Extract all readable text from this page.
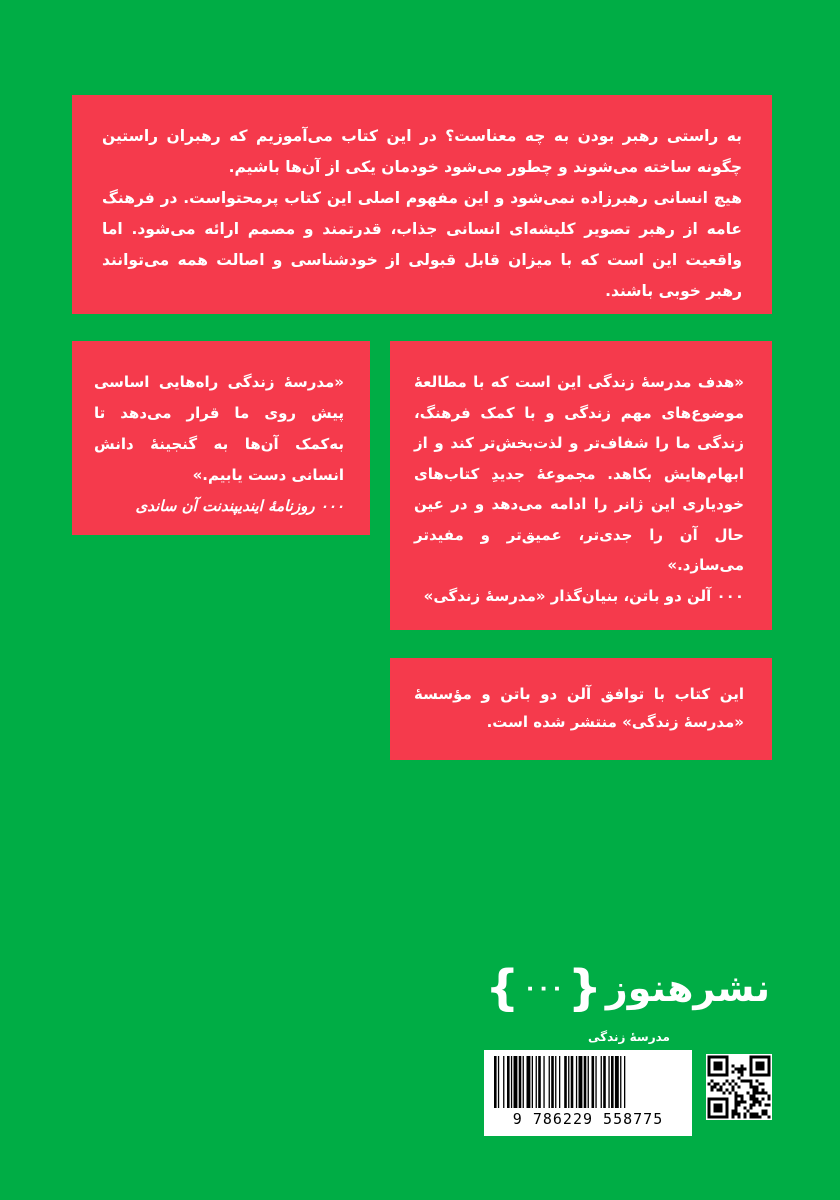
به راستی رهبر بودن به چه معناست؟ در این کتاب می‌آموزیم که رهبران راستین چگونه ساخته می‌شوند و چطور می‌شود خودمان یکی از آن‌ها باشیم.

هیچ انسانی رهبرزاده نمی‌شود و این مفهوم اصلی این کتاب پرمحتواست. در فرهنگ عامه از رهبر تصویر کلیشه‌ای انسانی جذاب، قدرتمند و مصمم ارائه می‌شود. اما واقعیت این است که با میزان قابل قبولی از خودشناسی و اصالت همه می‌توانند رهبر خوبی باشند.

«مدرسهٔ زندگی راه‌هایی اساسی پیش روی ما قرار می‌دهد تا به‌کمک آن‌ها به گنجینهٔ دانش انسانی دست یابیم.»

۰۰۰ روزنامهٔ ایندیپندنت آن ساندی

«هدف مدرسهٔ زندگی این است که با مطالعهٔ موضوع‌های مهم زندگی و با کمک فرهنگ، زندگی ما را شفاف‌تر و لذت‌بخش‌تر کند و از ابهام‌هایش بکاهد. مجموعهٔ جدیدِ کتاب‌های خودیاری این ژانر را ادامه می‌دهد و در عین حال آن را جدی‌تر، عمیق‌تر و مفیدتر می‌سازد.»

۰۰۰ آلن دو باتن، بنیان‌گذار «مدرسهٔ زندگی»

این کتاب با توافق آلن دو باتن و مؤسسهٔ «مدرسهٔ زندگی» منتشر شده است.

نشرهنوز
{
۰۰۰
}
مدرسهٔ زندگی
9 786229 558775
